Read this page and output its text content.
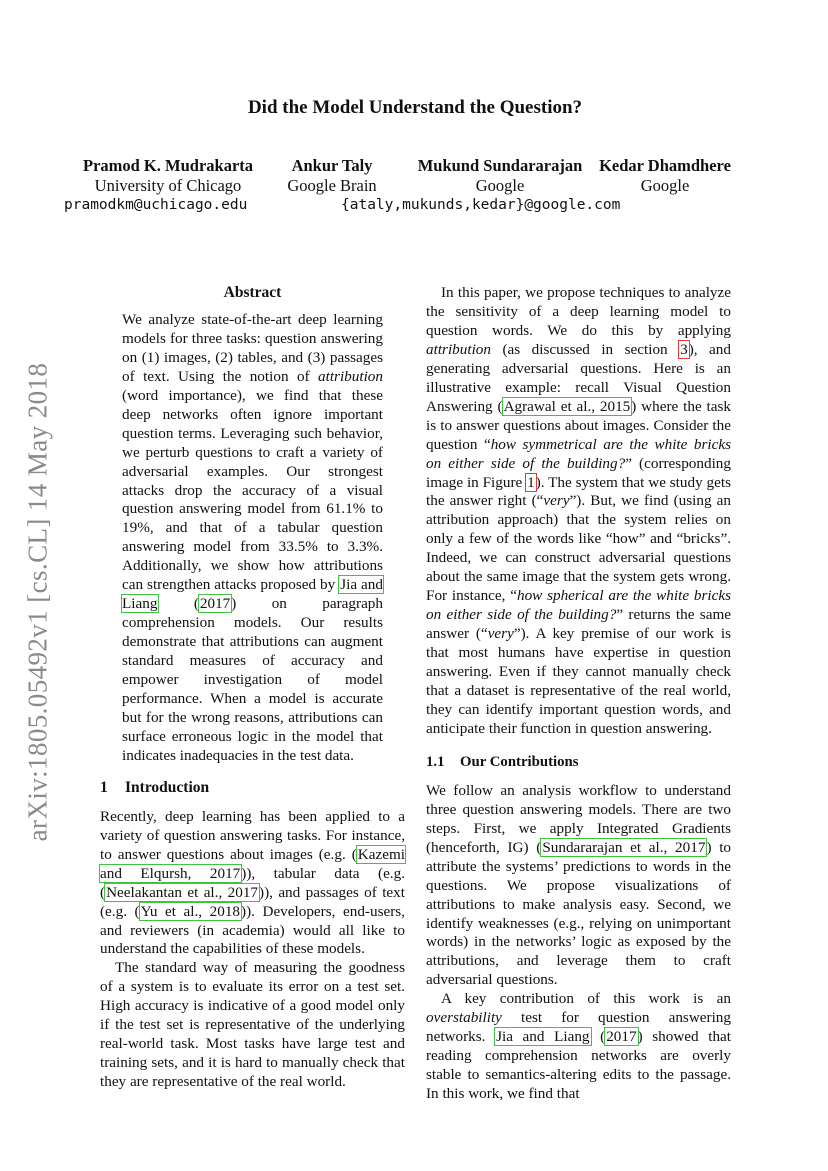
arXiv:1805.05492v1 [cs.CL] 14 May 2018
Did the Model Understand the Question?
Pramod K. Mudrakarta
University of Chicago
Ankur Taly
Google Brain
Mukund Sundararajan
Google
Kedar Dhamdhere
Google
pramodkm@uchicago.edu	{ataly,mukunds,kedar}@google.com
Abstract

We analyze state-of-the-art deep learning models for three tasks: question answering on (1) images, (2) tables, and (3) passages of text. Using the notion of attribution (word importance), we find that these deep networks often ignore important question terms. Leveraging such behavior, we perturb questions to craft a variety of adversarial examples. Our strongest attacks drop the accuracy of a visual question answering model from 61.1% to 19%, and that of a tabular question answering model from 33.5% to 3.3%. Additionally, we show how attributions can strengthen attacks proposed by Jia and Liang (2017) on paragraph comprehension models. Our results demonstrate that attributions can augment standard measures of accuracy and empower investigation of model performance. When a model is accurate but for the wrong reasons, attributions can surface erroneous logic in the model that indicates inadequacies in the test data.

1 Introduction

Recently, deep learning has been applied to a variety of question answering tasks. For instance, to answer questions about images (e.g. (Kazemi and Elqursh, 2017)), tabular data (e.g. (Neelakantan et al., 2017)), and passages of text (e.g. (Yu et al., 2018)). Developers, end-users, and reviewers (in academia) would all like to understand the capabilities of these models.

The standard way of measuring the goodness of a system is to evaluate its error on a test set. High accuracy is indicative of a good model only if the test set is representative of the underlying real-world task. Most tasks have large test and training sets, and it is hard to manually check that they are representative of the real world.

In this paper, we propose techniques to analyze the sensitivity of a deep learning model to question words. We do this by applying attribution (as discussed in section 3), and generating adversarial questions. Here is an illustrative example: recall Visual Question Answering (Agrawal et al., 2015) where the task is to answer questions about images. Consider the question “how symmetrical are the white bricks on either side of the building?” (corresponding image in Figure 1). The system that we study gets the answer right (“very”). But, we find (using an attribution approach) that the system relies on only a few of the words like “how” and “bricks”. Indeed, we can construct adversarial questions about the same image that the system gets wrong. For instance, “how spherical are the white bricks on either side of the building?” returns the same answer (“very”). A key premise of our work is that most humans have expertise in question answering. Even if they cannot manually check that a dataset is representative of the real world, they can identify important question words, and anticipate their function in question answering.

1.1 Our Contributions

We follow an analysis workflow to understand three question answering models. There are two steps. First, we apply Integrated Gradients (henceforth, IG) (Sundararajan et al., 2017) to attribute the systems’ predictions to words in the questions. We propose visualizations of attributions to make analysis easy. Second, we identify weaknesses (e.g., relying on unimportant words) in the networks’ logic as exposed by the attributions, and leverage them to craft adversarial questions.

A key contribution of this work is an overstability test for question answering networks. Jia and Liang (2017) showed that reading comprehension networks are overly stable to semantics-altering edits to the passage. In this work, we find that
